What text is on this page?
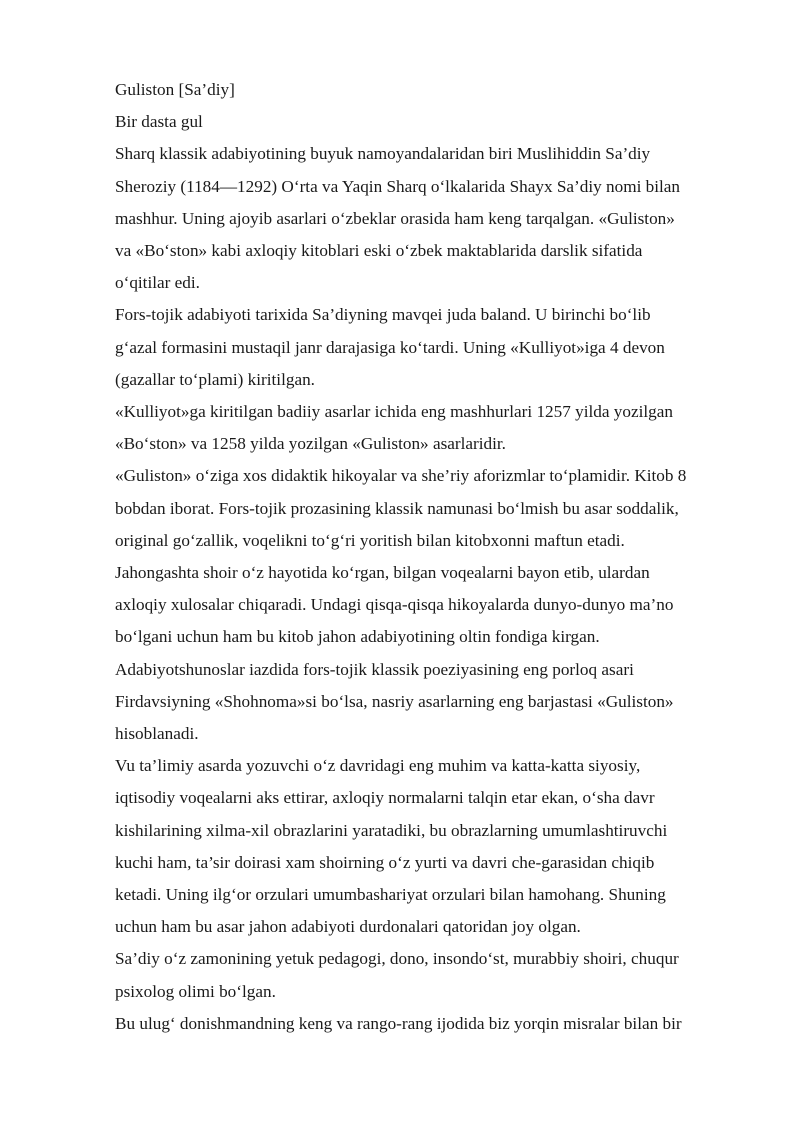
Guliston [Sa’diy]
Bir dasta gul
Sharq klassik adabiyotining buyuk namoyandalaridan biri Muslihiddin Sa’diy
Sheroziy (1184—1292) O‘rta va Yaqin Sharq o‘lkalarida Shayx Sa’diy nomi bilan
mashhur. Uning ajoyib asarlari o‘zbeklar orasida ham keng tarqalgan. «Guliston»
va «Bo‘ston» kabi axloqiy kitoblari eski o‘zbek maktablarida darslik sifatida
o‘qitilar edi.
Fors-tojik adabiyoti tarixida Sa’diyning mavqei juda baland. U birinchi bo‘lib
g‘azal formasini mustaqil janr darajasiga ko‘tardi. Uning «Kulliyot»iga 4 devon
(gazallar to‘plami) kiritilgan.
«Kulliyot»ga kiritilgan badiiy asarlar ichida eng mashhurlari 1257 yilda yozilgan
«Bo‘ston» va 1258 yilda yozilgan «Guliston» asarlaridir.
«Guliston» o‘ziga xos didaktik hikoyalar va she’riy aforizmlar to‘plamidir. Kitob 8
bobdan iborat. Fors-tojik prozasining klassik namunasi bo‘lmish bu asar soddalik,
original go‘zallik, voqelikni to‘g‘ri yoritish bilan kitobxonni maftun etadi.
Jahongashta shoir o‘z hayotida ko‘rgan, bilgan voqealarni bayon etib, ulardan
axloqiy xulosalar chiqaradi. Undagi qisqa-qisqa hikoyalarda dunyo-dunyo ma’no
bo‘lgani uchun ham bu kitob jahon adabiyotining oltin fondiga kirgan.
Adabiyotshunoslar iazdida fors-tojik klassik poeziyasining eng porloq asari
Firdavsiyning «Shohnoma»si bo‘lsa, nasriy asarlarning eng barjastasi «Guliston»
hisoblanadi.
Vu ta’limiy asarda yozuvchi o‘z davridagi eng muhim va katta-katta siyosiy,
iqtisodiy voqealarni aks ettirar, axloqiy normalarni talqin etar ekan, o‘sha davr
kishilarining xilma-xil obrazlarini yaratadiki, bu obrazlarning umumlashtiruvchi
kuchi ham, ta’sir doirasi xam shoirning o‘z yurti va davri che-garasidan chiqib
ketadi. Uning ilg‘or orzulari umumbashariyat orzulari bilan hamohang. Shuning
uchun ham bu asar jahon adabiyoti durdonalari qatoridan joy olgan.
Sa’diy o‘z zamonining yetuk pedagogi, dono, insondo‘st, murabbiy shoiri, chuqur
psixolog olimi bo‘lgan.
Bu ulug‘ donishmandning keng va rango-rang ijodida biz yorqin misralar bilan bir
